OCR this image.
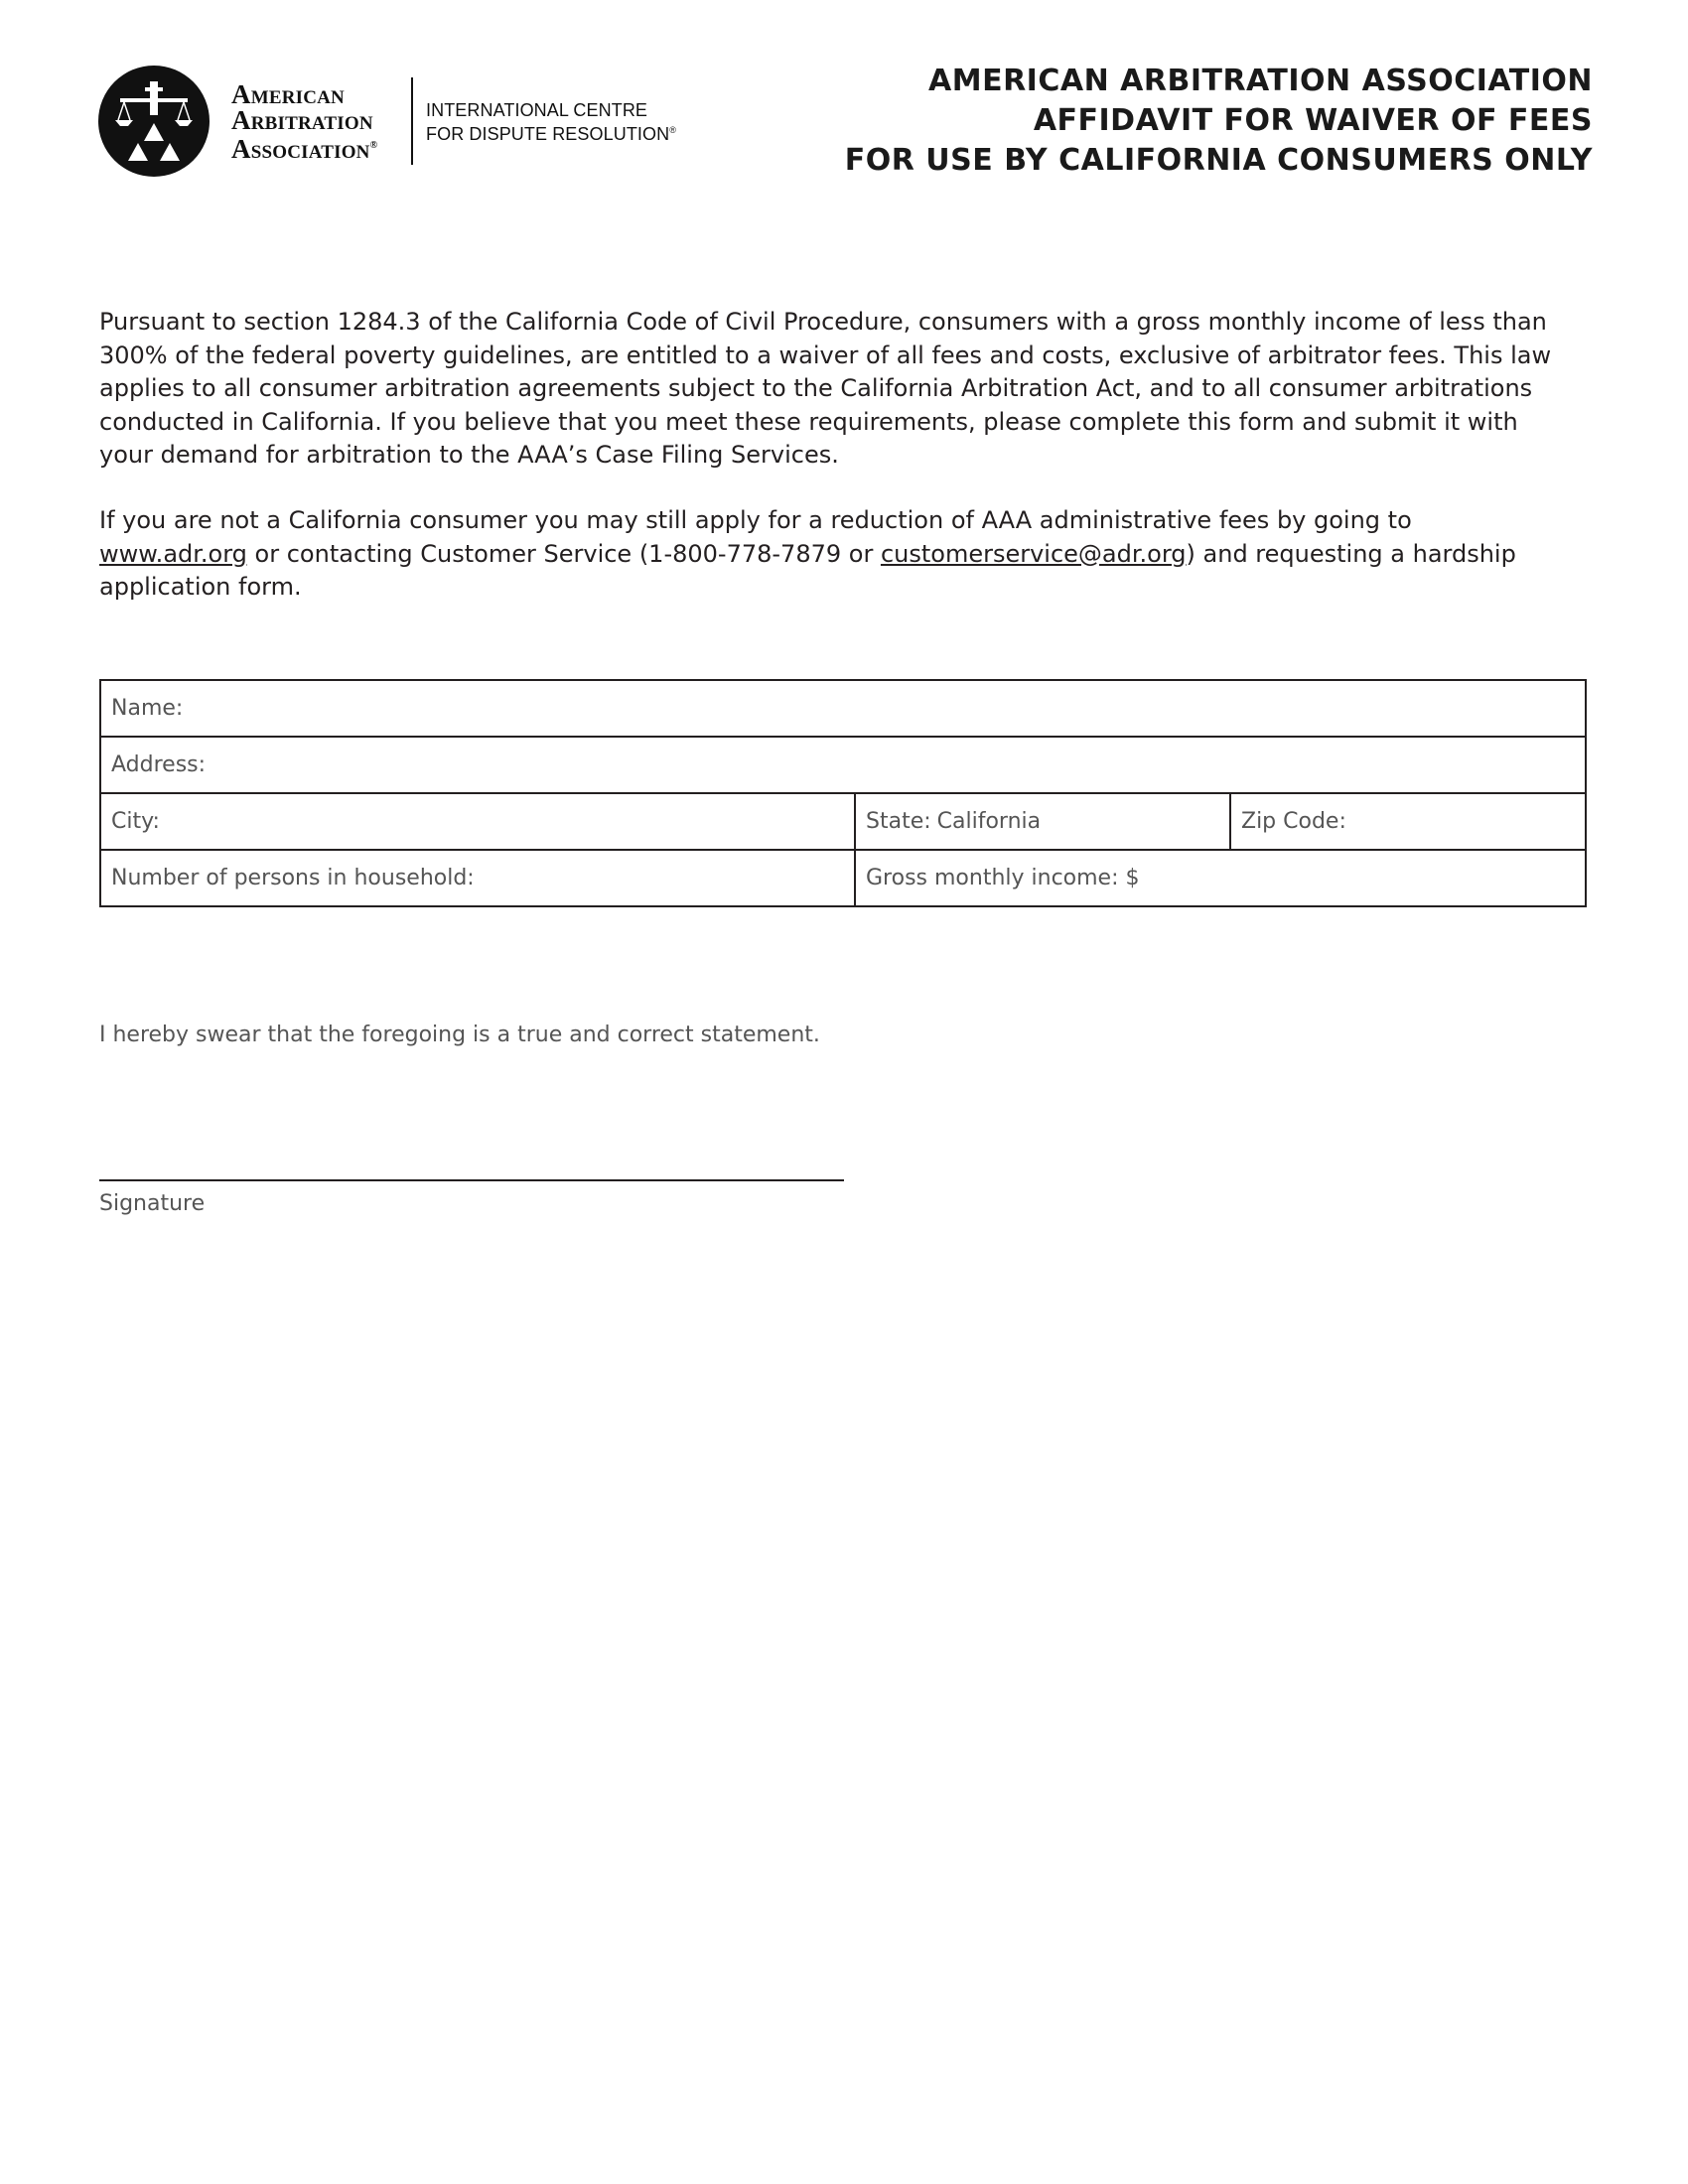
American
Arbitration
Association®
INTERNATIONAL CENTRE
FOR DISPUTE RESOLUTION®
AMERICAN ARBITRATION ASSOCIATION
AFFIDAVIT FOR WAIVER OF FEES
FOR USE BY CALIFORNIA CONSUMERS ONLY
Pursuant to section 1284.3 of the California Code of Civil Procedure, consumers with a gross monthly income of less than
300% of the federal poverty guidelines, are entitled to a waiver of all fees and costs, exclusive of arbitrator fees. This law
applies to all consumer arbitration agreements subject to the California Arbitration Act, and to all consumer arbitrations
conducted in California. If you believe that you meet these requirements, please complete this form and submit it with
your demand for arbitration to the AAA’s Case Filing Services.
If you are not a California consumer you may still apply for a reduction of AAA administrative fees by going to
www.adr.org or contacting Customer Service (1-800-778-7879 or customerservice@adr.org) and requesting a hardship
application form.
Name:		
Address:		
City:	State: California	Zip Code:
Number of persons in household:	Gross monthly income: $	
I hereby swear that the foregoing is a true and correct statement.
Signature
